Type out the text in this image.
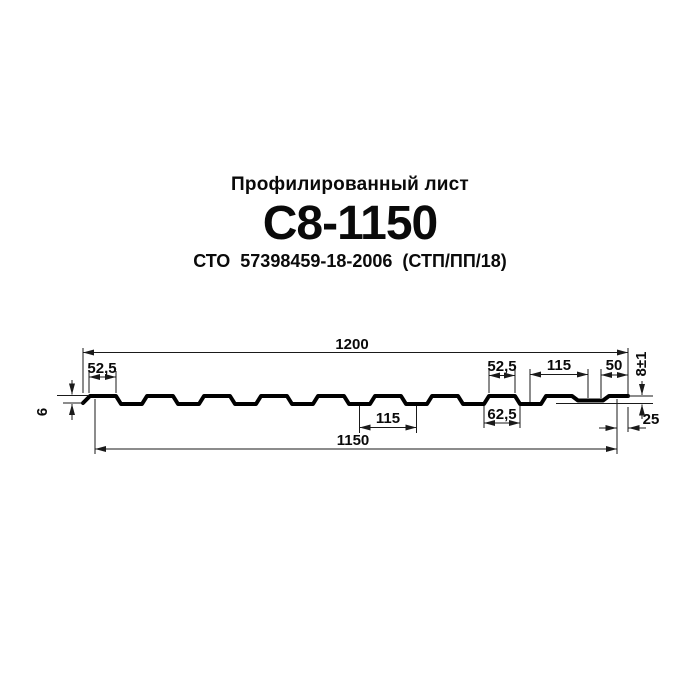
Профилированный лист
С8-1150
СТО  57398459-18-2006  (СТП/ПП/18)
1200
52,5
6
52,5 115 50 8±1
115	62,5	25
1150
